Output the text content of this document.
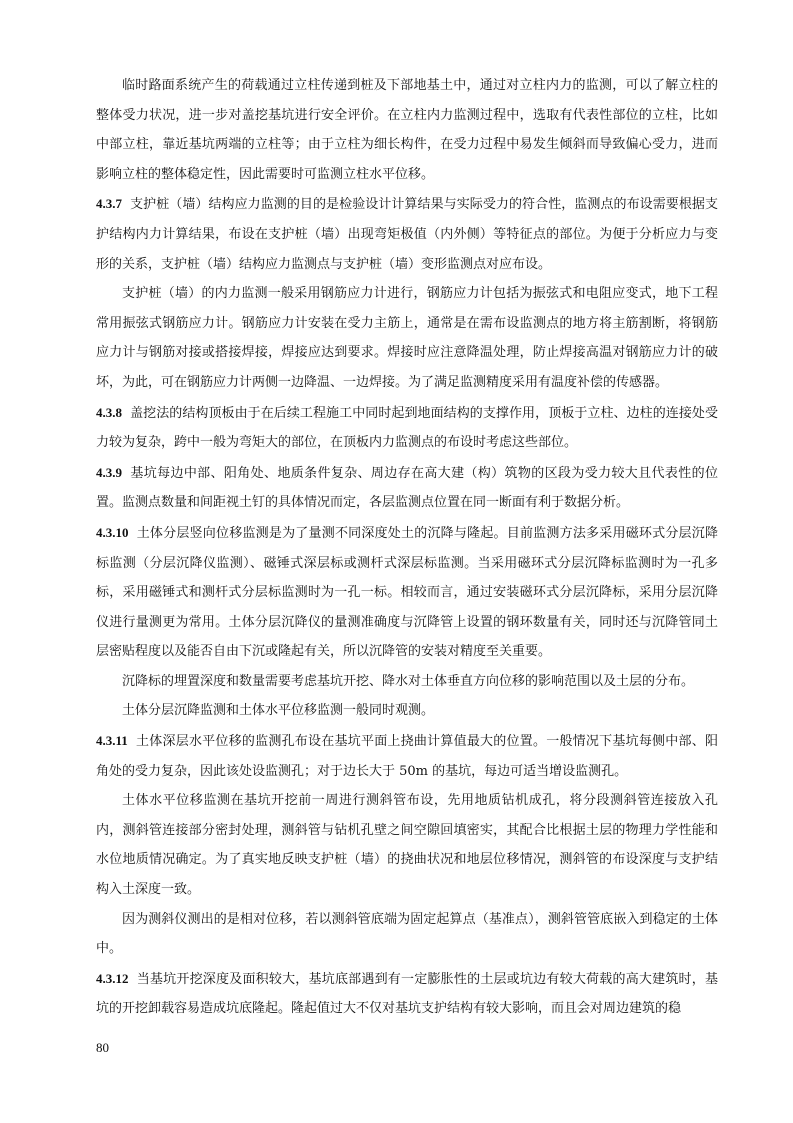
临时路面系统产生的荷载通过立柱传递到桩及下部地基土中，通过对立柱内力的监测，可以了解立柱的整体受力状况，进一步对盖挖基坑进行安全评价。在立柱内力监测过程中，选取有代表性部位的立柱，比如中部立柱，靠近基坑两端的立柱等；由于立柱为细长构件，在受力过程中易发生倾斜而导致偏心受力，进而影响立柱的整体稳定性，因此需要时可监测立柱水平位移。

4.3.7 支护桩（墙）结构应力监测的目的是检验设计计算结果与实际受力的符合性，监测点的布设需要根据支护结构内力计算结果，布设在支护桩（墙）出现弯矩极值（内外侧）等特征点的部位。为便于分析应力与变形的关系，支护桩（墙）结构应力监测点与支护桩（墙）变形监测点对应布设。

支护桩（墙）的内力监测一般采用钢筋应力计进行，钢筋应力计包括为振弦式和电阻应变式，地下工程常用振弦式钢筋应力计。钢筋应力计安装在受力主筋上，通常是在需布设监测点的地方将主筋割断，将钢筋应力计与钢筋对接或搭接焊接，焊接应达到要求。焊接时应注意降温处理，防止焊接高温对钢筋应力计的破坏，为此，可在钢筋应力计两侧一边降温、一边焊接。为了满足监测精度采用有温度补偿的传感器。

4.3.8 盖挖法的结构顶板由于在后续工程施工中同时起到地面结构的支撑作用，顶板于立柱、边柱的连接处受力较为复杂，跨中一般为弯矩大的部位，在顶板内力监测点的布设时考虑这些部位。

4.3.9 基坑每边中部、阳角处、地质条件复杂、周边存在高大建（构）筑物的区段为受力较大且代表性的位置。监测点数量和间距视土钉的具体情况而定，各层监测点位置在同一断面有利于数据分析。

4.3.10 土体分层竖向位移监测是为了量测不同深度处土的沉降与隆起。目前监测方法多采用磁环式分层沉降标监测（分层沉降仪监测）、磁锤式深层标或测杆式深层标监测。当采用磁环式分层沉降标监测时为一孔多标，采用磁锤式和测杆式分层标监测时为一孔一标。相较而言，通过安装磁环式分层沉降标，采用分层沉降仪进行量测更为常用。土体分层沉降仪的量测准确度与沉降管上设置的钢环数量有关，同时还与沉降管同土层密贴程度以及能否自由下沉或隆起有关，所以沉降管的安装对精度至关重要。

沉降标的埋置深度和数量需要考虑基坑开挖、降水对土体垂直方向位移的影响范围以及土层的分布。

土体分层沉降监测和土体水平位移监测一般同时观测。

4.3.11 土体深层水平位移的监测孔布设在基坑平面上挠曲计算值最大的位置。一般情况下基坑每侧中部、阳角处的受力复杂，因此该处设监测孔；对于边长大于 50m 的基坑，每边可适当增设监测孔。

土体水平位移监测在基坑开挖前一周进行测斜管布设，先用地质钻机成孔，将分段测斜管连接放入孔内，测斜管连接部分密封处理，测斜管与钻机孔壁之间空隙回填密实，其配合比根据土层的物理力学性能和水位地质情况确定。为了真实地反映支护桩（墙）的挠曲状况和地层位移情况，测斜管的布设深度与支护结构入土深度一致。

因为测斜仪测出的是相对位移，若以测斜管底端为固定起算点（基准点），测斜管管底嵌入到稳定的土体中。

4.3.12 当基坑开挖深度及面积较大，基坑底部遇到有一定膨胀性的土层或坑边有较大荷载的高大建筑时，基坑的开挖卸载容易造成坑底隆起。隆起值过大不仅对基坑支护结构有较大影响，而且会对周边建筑的稳

80
